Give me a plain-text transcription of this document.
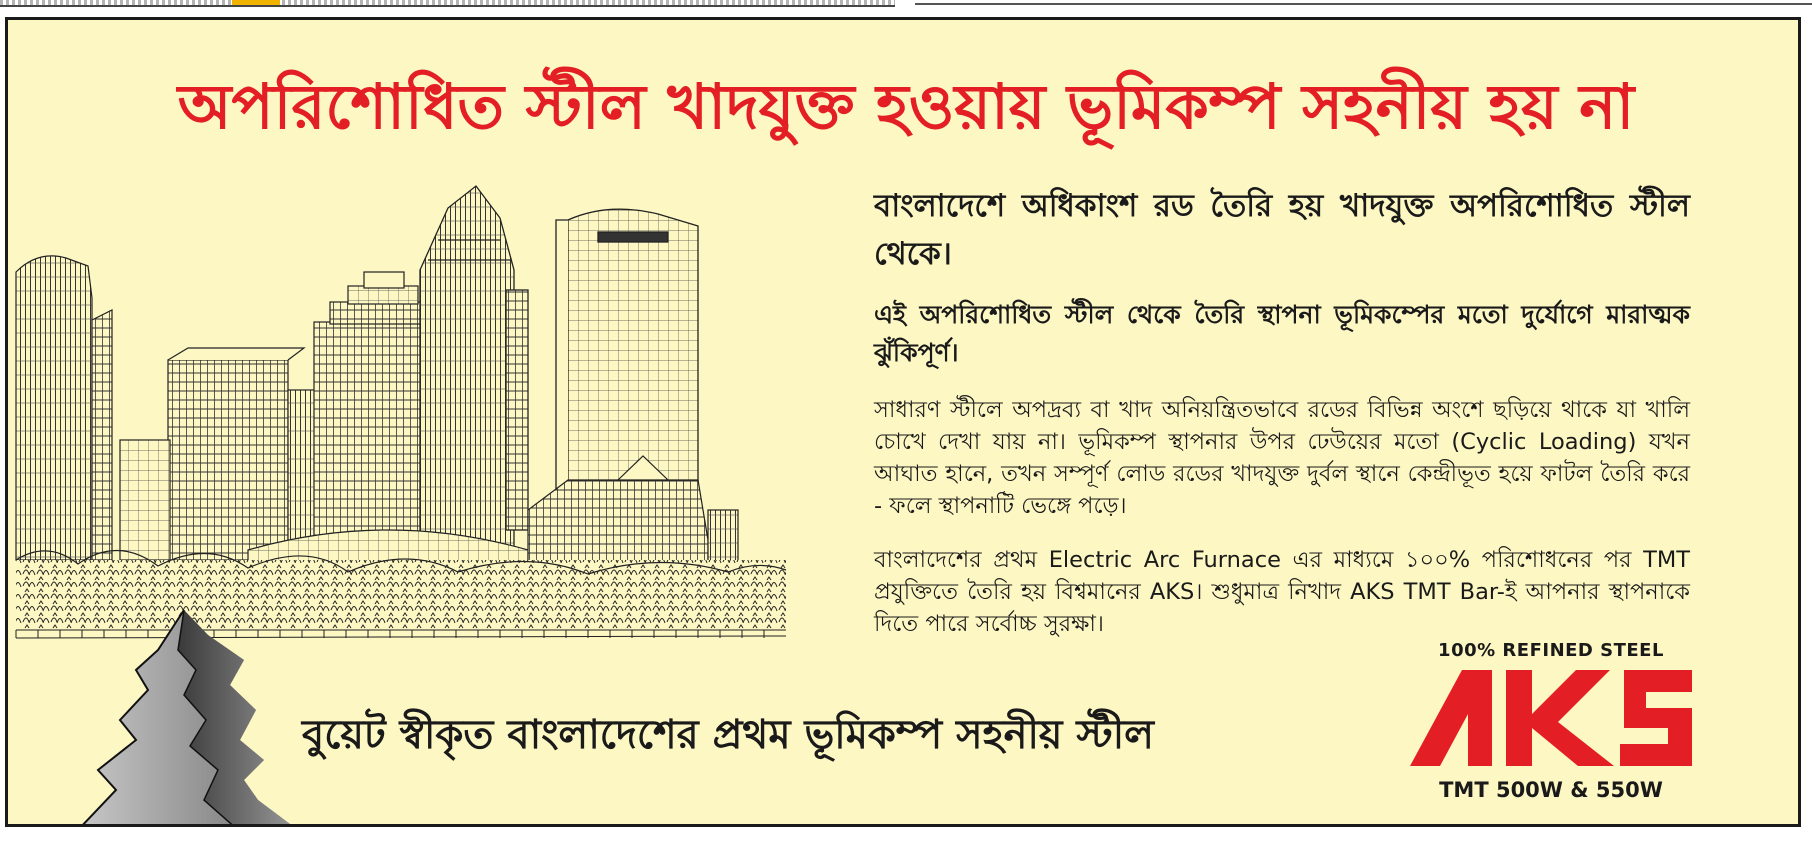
অপরিশোধিত স্টীল খাদযুক্ত হওয়ায় ভূমিকম্প সহনীয় হয় না

বাংলাদেশে অধিকাংশ রড তৈরি হয় খাদযুক্ত অপরিশোধিত স্টীল থেকে।

এই অপরিশোধিত স্টীল থেকে তৈরি স্থাপনা ভূমিকম্পের মতো দুর্যোগে মারাত্মক ঝুঁকিপূর্ণ।

সাধারণ স্টীলে অপদ্রব্য বা খাদ অনিয়ন্ত্রিতভাবে রডের বিভিন্ন অংশে ছড়িয়ে থাকে যা খালি চোখে দেখা যায় না। ভূমিকম্প স্থাপনার উপর ঢেউয়ের মতো (Cyclic Loading) যখন আঘাত হানে, তখন সম্পূর্ণ লোড রডের খাদযুক্ত দুর্বল স্থানে কেন্দ্রীভূত হয়ে ফাটল তৈরি করে - ফলে স্থাপনাটি ভেঙ্গে পড়ে।

বাংলাদেশের প্রথম Electric Arc Furnace এর মাধ্যমে ১০০% পরিশোধনের পর TMT প্রযুক্তিতে তৈরি হয় বিশ্বমানের AKS। শুধুমাত্র নিখাদ AKS TMT Bar-ই আপনার স্থাপনাকে দিতে পারে সর্বোচ্চ সুরক্ষা।

বুয়েট স্বীকৃত বাংলাদেশের প্রথম ভূমিকম্প সহনীয় স্টীল
100% REFINED STEEL
TMT 500W & 550W
